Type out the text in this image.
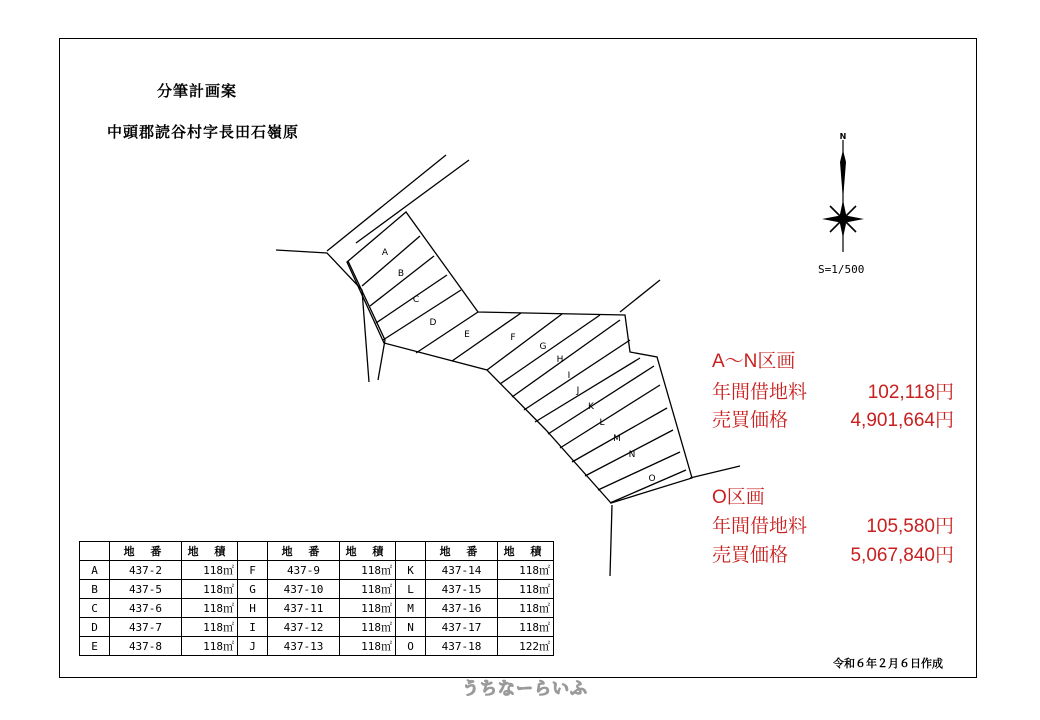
分筆計画案
中頭郡読谷村字長田石嶺原
A
B
C
D
E	F
G
H
I
J
K
L
M
N
O
N
S=1/500
A〜N区画
年間借地料	102,118円
売買価格	4,901,664円
O区画
年間借地料	105,580円
売買価格	5,067,840円
	地 番	地 積		地 番	地 積		地 番	地 積
A	437-2	118㎡	F	437-9	118㎡	K	437-14	118㎡
B	437-5	118㎡	G	437-10	118㎡	L	437-15	118㎡
C	437-6	118㎡	H	437-11	118㎡	M	437-16	118㎡
D	437-7	118㎡	I	437-12	118㎡	N	437-17	118㎡
E	437-8	118㎡	J	437-13	118㎡	O	437-18	122㎡
令和６年２月６日作成
うちなーらいふ
